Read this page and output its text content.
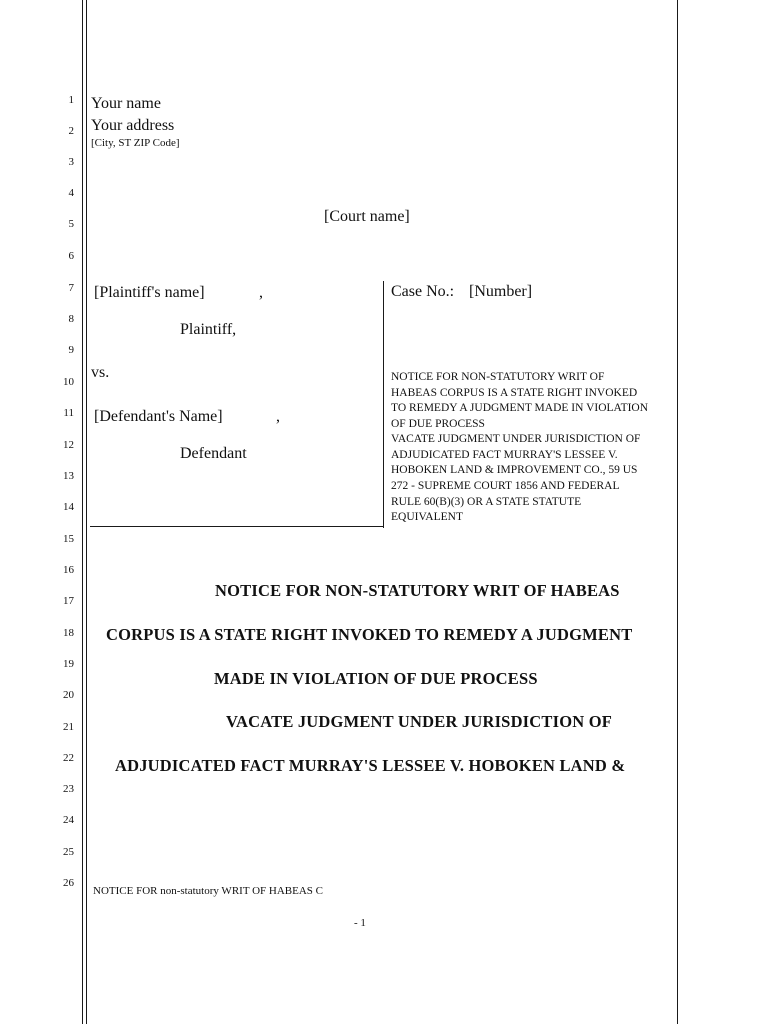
1
2
3
4
5
6
7
8
9
10
11
12
13
14
15
16
17
18
19
20
21
22
23
24
25
26
Your name
Your address
[City, ST ZIP Code]
[Court name]
[Plaintiff's name]	,
Plaintiff,
vs.
[Defendant's Name]	,
Defendant
Case No.: [Number]
NOTICE FOR NON-STATUTORY WRIT OF
HABEAS CORPUS IS A STATE RIGHT INVOKED
TO REMEDY A JUDGMENT MADE IN VIOLATION
OF DUE PROCESS
VACATE JUDGMENT UNDER JURISDICTION OF
ADJUDICATED FACT MURRAY'S LESSEE V.
HOBOKEN LAND & IMPROVEMENT CO., 59 US
272 - SUPREME COURT 1856 AND FEDERAL
RULE 60(B)(3) OR A STATE STATUTE
EQUIVALENT
NOTICE FOR NON-STATUTORY WRIT OF HABEAS
CORPUS IS A STATE RIGHT INVOKED TO REMEDY A JUDGMENT
MADE IN VIOLATION OF DUE PROCESS
VACATE JUDGMENT UNDER JURISDICTION OF
ADJUDICATED FACT MURRAY'S LESSEE V. HOBOKEN LAND &
NOTICE FOR non-statutory WRIT OF HABEAS C
- 1
